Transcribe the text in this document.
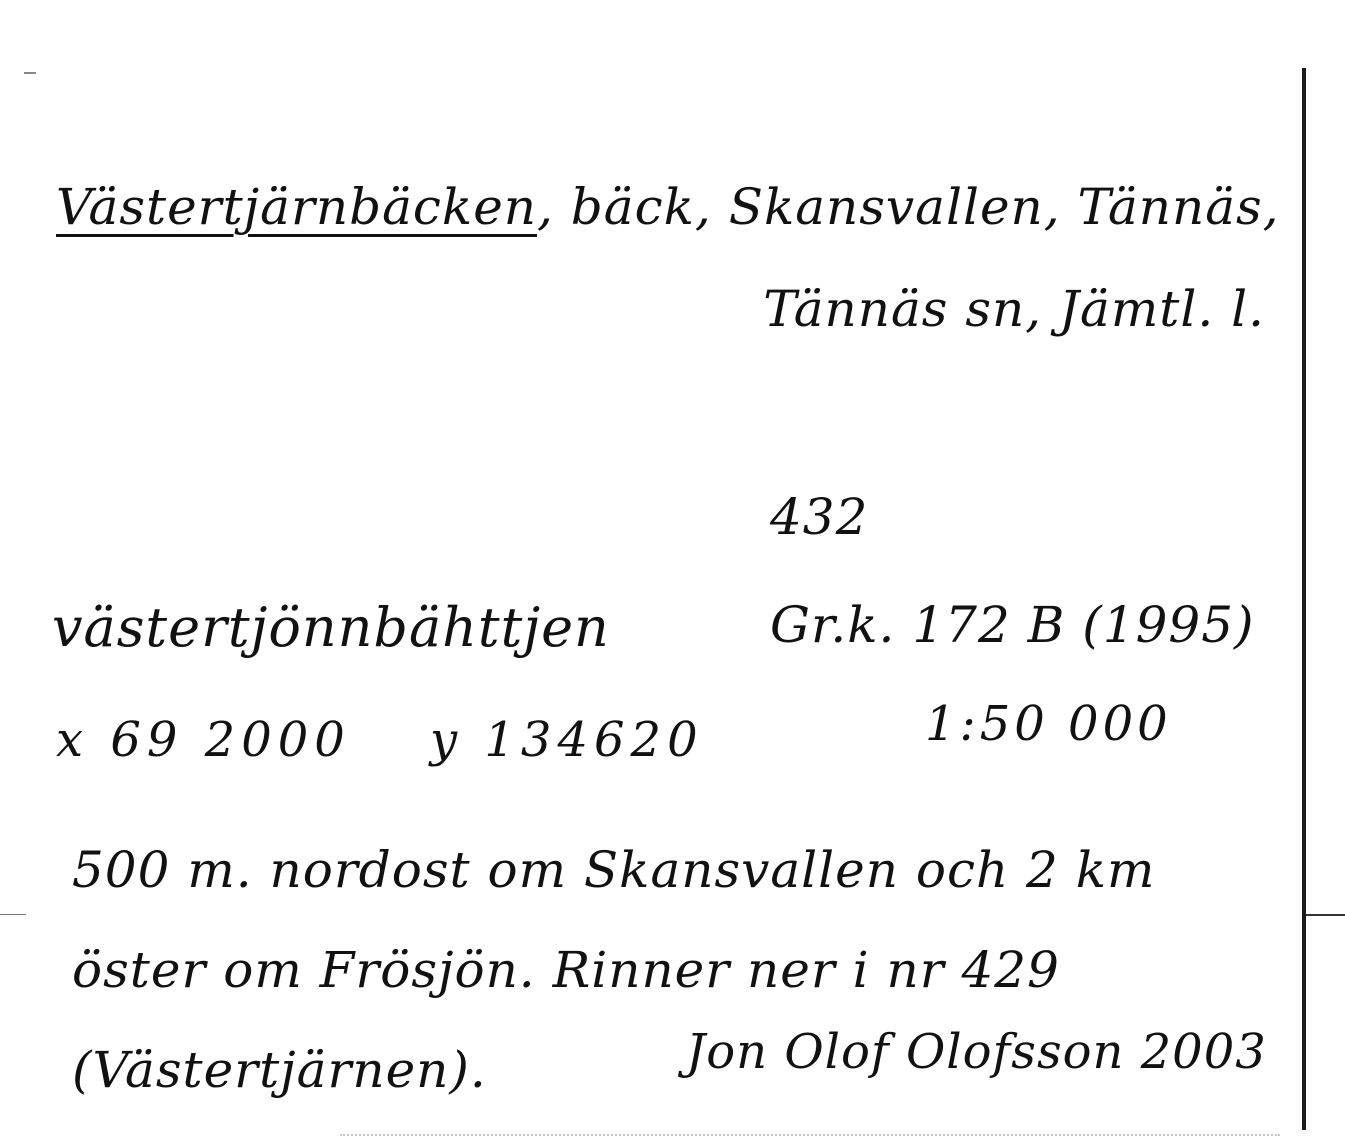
Västertjärnbäcken, bäck, Skansvallen, Tännäs,
Tännäs sn, Jämtl. l.
432
västertjönnbähttjen	Gr.k. 172 B (1995)
x 69 2000 y 134620	1:50 000
500 m. nordost om Skansvallen och 2 km öster om Frösjön. Rinner ner i nr 429 (Västertjärnen).	Jon Olof Olofsson 2003
